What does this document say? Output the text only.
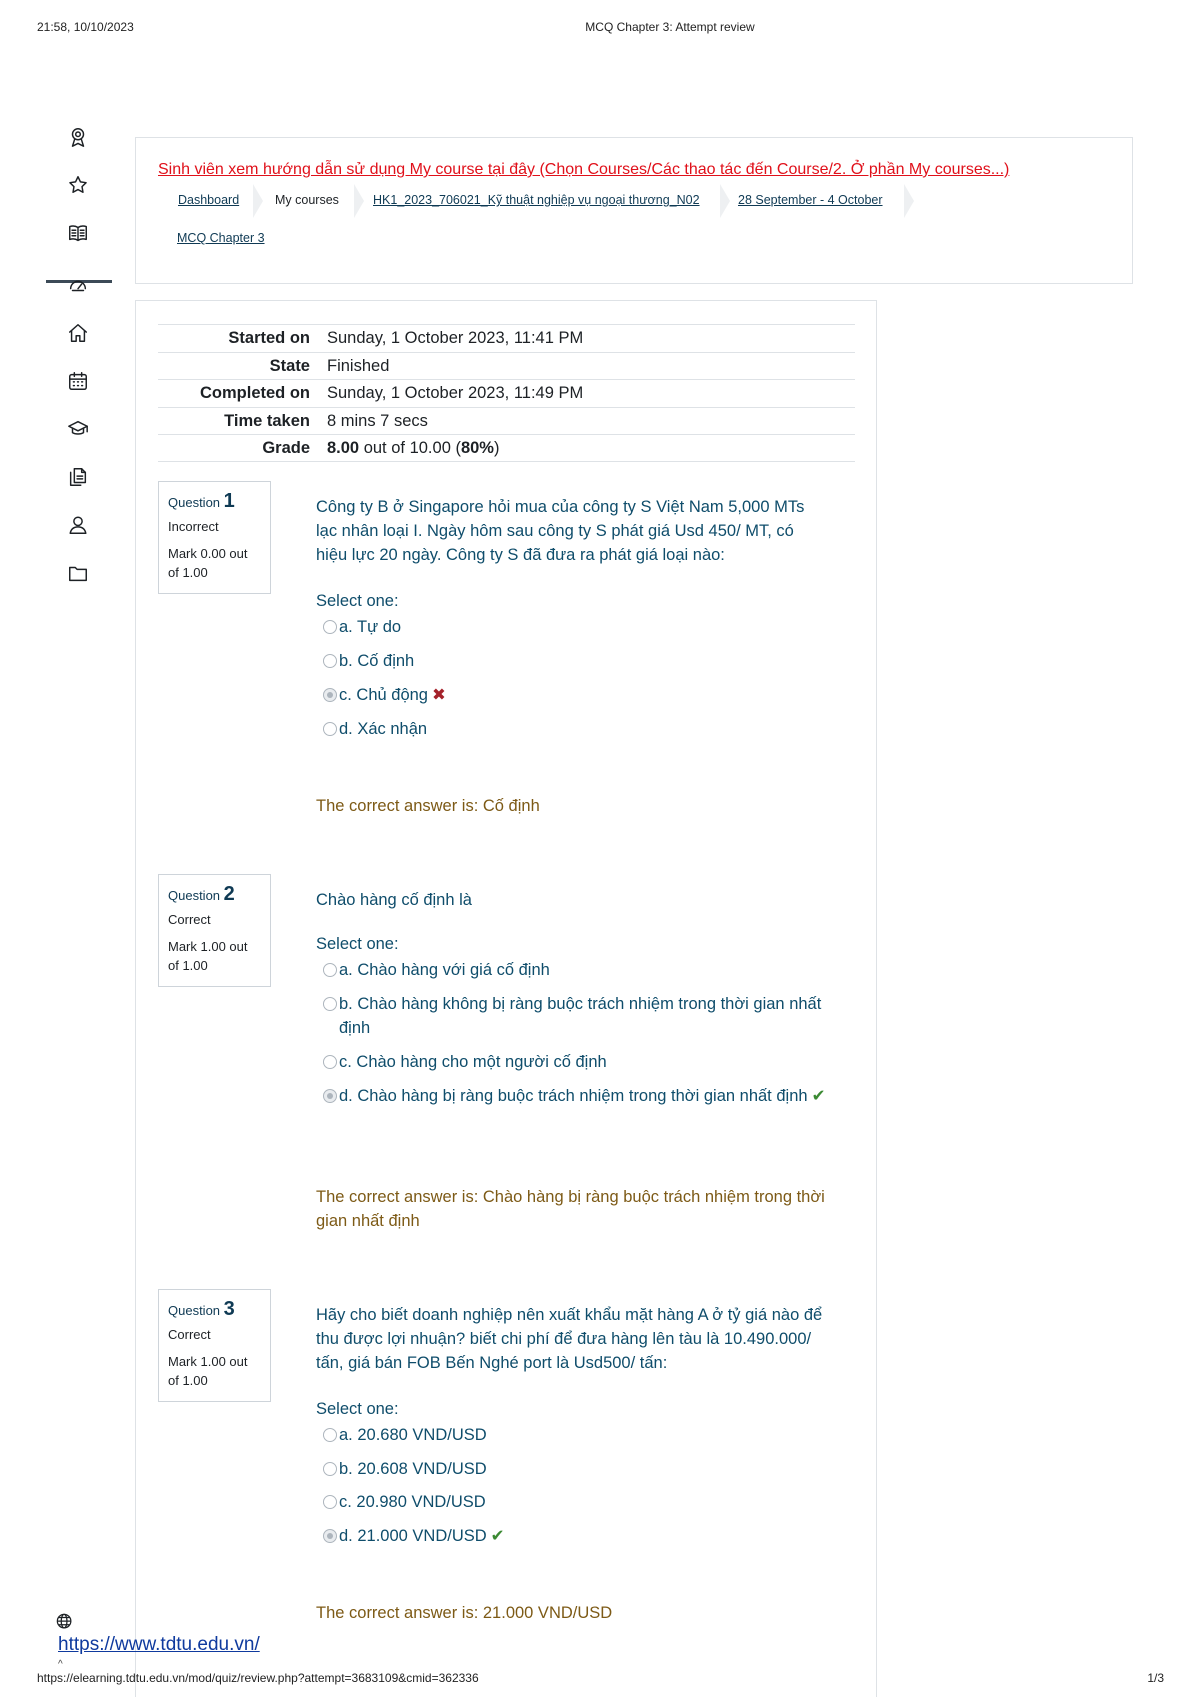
21:58, 10/10/2023	MCQ Chapter 3: Attempt review
Sinh viên xem hướng dẫn sử dụng My course tại đây (Chọn Courses/Các thao tác đến Course/2. Ở phần My courses...)
Dashboard	My courses	HK1_2023_706021_Kỹ thuật nghiệp vụ ngoại thương_N02	28 September - 4 October
MCQ Chapter 3
Started on Sunday, 1 October 2023, 11:41 PM
State Finished
Completed on Sunday, 1 October 2023, 11:49 PM
Time taken 8 mins 7 secs
Grade 8.00 out of 10.00 (80%)
Question 1
Incorrect
Mark 0.00 out of 1.00
Công ty B ở Singapore hỏi mua của công ty S Việt Nam 5,000 MTs lạc nhân loại I. Ngày hôm sau công ty S phát giá Usd 450/ MT, có hiệu lực 20 ngày. Công ty S đã đưa ra phát giá loại nào:
Select one:
a. Tự do
b. Cố định
c. Chủ động ✖
d. Xác nhận
The correct answer is: Cố định
Question 2
Correct
Mark 1.00 out of 1.00
Chào hàng cố định là
Select one:
a. Chào hàng với giá cố định
b. Chào hàng không bị ràng buộc trách nhiệm trong thời gian nhất định
c. Chào hàng cho một người cố định
d. Chào hàng bị ràng buộc trách nhiệm trong thời gian nhất định ✔
The correct answer is: Chào hàng bị ràng buộc trách nhiệm trong thời gian nhất định
Question 3
Correct
Mark 1.00 out of 1.00
Hãy cho biết doanh nghiệp nên xuất khẩu mặt hàng A ở tỷ giá nào để thu được lợi nhuận? biết chi phí để đưa hàng lên tàu là 10.490.000/ tấn, giá bán FOB Bến Nghé port là Usd500/ tấn:
Select one:
a. 20.680 VND/USD
b. 20.608 VND/USD
c. 20.980 VND/USD
d. 21.000 VND/USD ✔
The correct answer is: 21.000 VND/USD
https://www.tdtu.edu.vn/
^
https://elearning.tdtu.edu.vn/mod/quiz/review.php?attempt=3683109&cmid=362336	1/3
